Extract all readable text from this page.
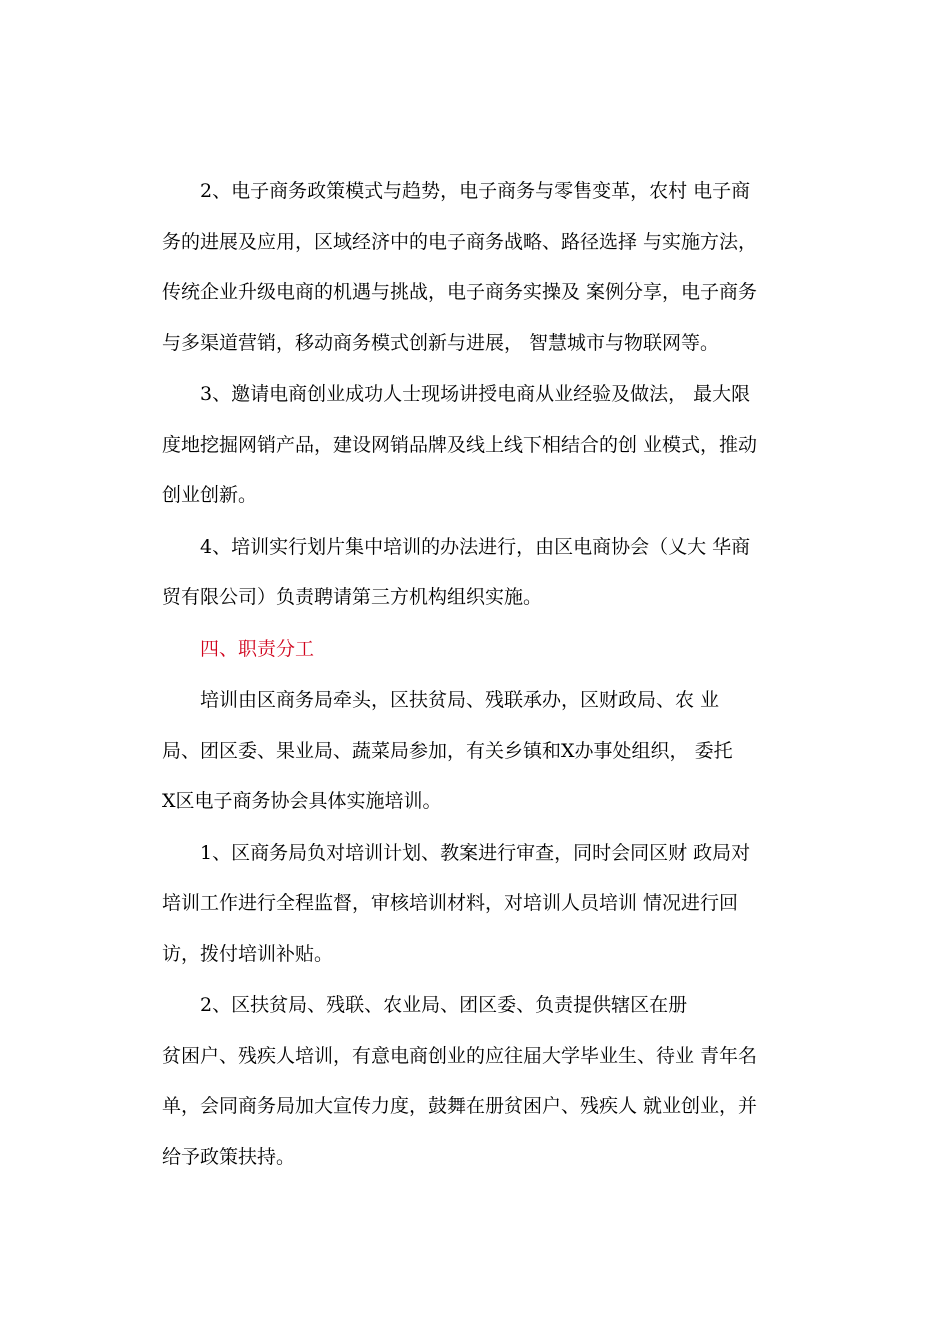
2、电子商务政策模式与趋势，电子商务与零售变革，农村 电子商
务的进展及应用，区域经济中的电子商务战略、路径选择 与实施方法，
传统企业升级电商的机遇与挑战，电子商务实操及 案例分享，电子商务
与多渠道营销，移动商务模式创新与进展， 智慧城市与物联网等。
3、邀请电商创业成功人士现场讲授电商从业经验及做法， 最大限
度地挖掘网销产品，建设网销品牌及线上线下相结合的创 业模式，推动
创业创新。
4、培训实行划片集中培训的办法进行，由区电商协会（乂大 华商
贸有限公司）负责聘请第三方机构组织实施。
四、职责分工
培训由区商务局牵头，区扶贫局、残联承办，区财政局、农 业
局、团区委、果业局、蔬菜局参加，有关乡镇和X办事处组织， 委托
X区电子商务协会具体实施培训。
1、区商务局负对培训计划、教案进行审查，同时会同区财 政局对
培训工作进行全程监督，审核培训材料，对培训人员培训 情况进行回
访，拨付培训补贴。
2、区扶贫局、残联、农业局、团区委、负责提供辖区在册
贫困户、残疾人培训，有意电商创业的应往届大学毕业生、待业 青年名
单，会同商务局加大宣传力度，鼓舞在册贫困户、残疾人 就业创业，并
给予政策扶持。
